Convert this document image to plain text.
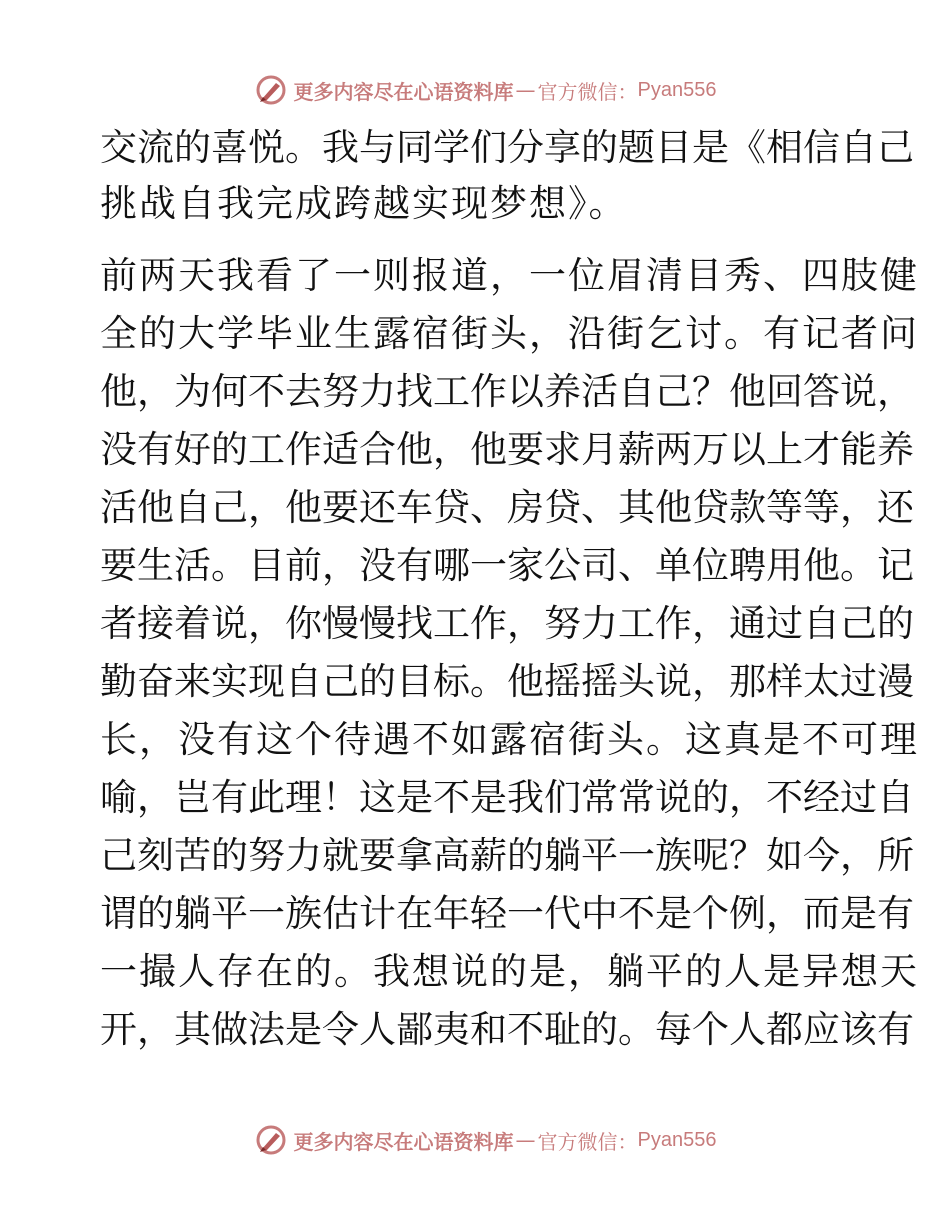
更多内容尽在心语资料库 — 官方微信： Pyan556
交流的喜悦。我与同学们分享的题目是《相信自己
挑战自我完成跨越实现梦想》。
前两天我看了一则报道，一位眉清目秀、四肢健
全的大学毕业生露宿街头，沿街乞讨。有记者问
他，为何不去努力找工作以养活自己？他回答说，
没有好的工作适合他，他要求月薪两万以上才能养
活他自己，他要还车贷、房贷、其他贷款等等，还
要生活。目前，没有哪一家公司、单位聘用他。记
者接着说，你慢慢找工作，努力工作，通过自己的
勤奋来实现自己的目标。他摇摇头说，那样太过漫
长，没有这个待遇不如露宿街头。这真是不可理
喻，岂有此理！这是不是我们常常说的，不经过自
己刻苦的努力就要拿高薪的躺平一族呢？如今，所
谓的躺平一族估计在年轻一代中不是个例，而是有
一撮人存在的。我想说的是，躺平的人是异想天
开，其做法是令人鄙夷和不耻的。每个人都应该有
更多内容尽在心语资料库 — 官方微信： Pyan556
